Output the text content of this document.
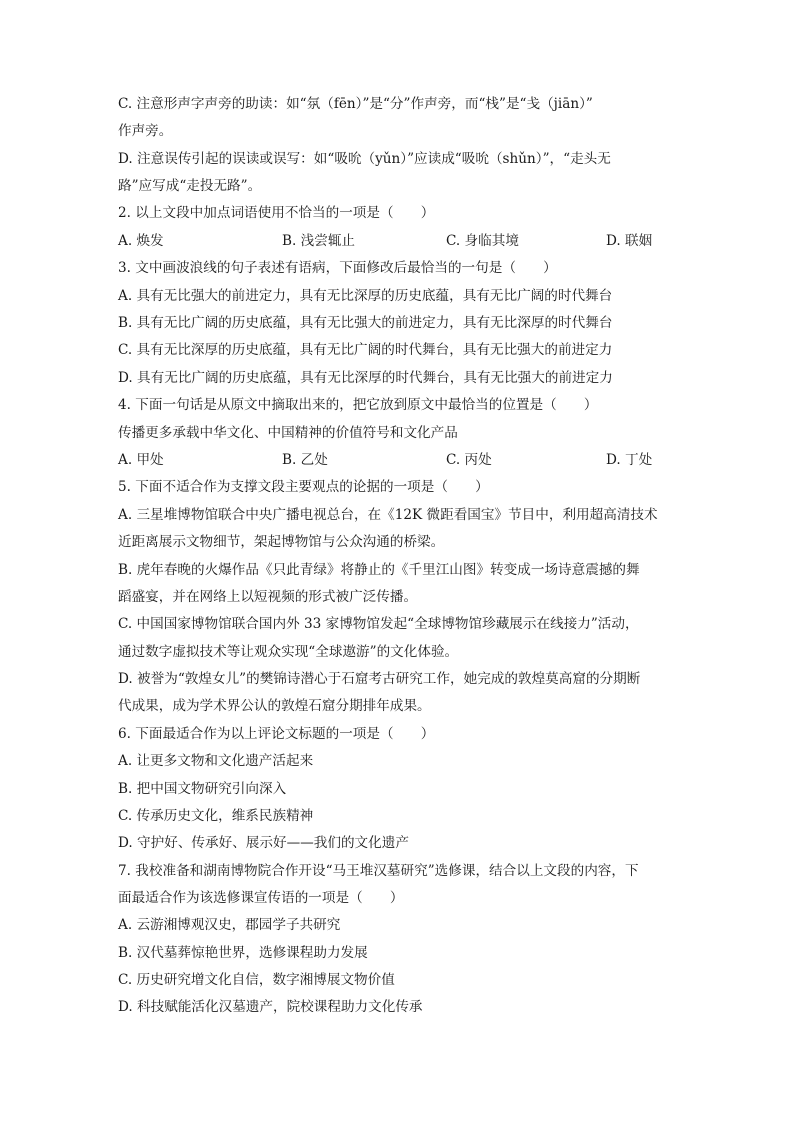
C. 注意形声字声旁的助读：如“氛（fēn）”是“分”作声旁，而“栈”是“戋（jiān）”
作声旁。
D. 注意误传引起的误读或误写：如“吸吮（yǔn）”应读成“吸吮（shǔn）”，“走头无
路”应写成“走投无路”。
2. 以上文段中加点词语使用不恰当的一项是（　　）
A. 焕发	B. 浅尝辄止	C. 身临其境	D. 联姻
3. 文中画波浪线的句子表述有语病，下面修改后最恰当的一句是（　　）
A. 具有无比强大的前进定力，具有无比深厚的历史底蕴，具有无比广阔的时代舞台
B. 具有无比广阔的历史底蕴，具有无比强大的前进定力，具有无比深厚的时代舞台
C. 具有无比深厚的历史底蕴，具有无比广阔的时代舞台，具有无比强大的前进定力
D. 具有无比广阔的历史底蕴，具有无比深厚的时代舞台，具有无比强大的前进定力
4. 下面一句话是从原文中摘取出来的，把它放到原文中最恰当的位置是（　　）
传播更多承载中华文化、中国精神的价值符号和文化产品
A. 甲处	B. 乙处	C. 丙处	D. 丁处
5. 下面不适合作为支撑文段主要观点的论据的一项是（　　）
A. 三星堆博物馆联合中央广播电视总台，在《12K 微距看国宝》节目中，利用超高清技术
近距离展示文物细节，架起博物馆与公众沟通的桥梁。
B. 虎年春晚的火爆作品《只此青绿》将静止的《千里江山图》转变成一场诗意震撼的舞
蹈盛宴，并在网络上以短视频的形式被广泛传播。
C. 中国国家博物馆联合国内外 33 家博物馆发起“全球博物馆珍藏展示在线接力”活动，
通过数字虚拟技术等让观众实现“全球遨游”的文化体验。
D. 被誉为“敦煌女儿”的樊锦诗潜心于石窟考古研究工作，她完成的敦煌莫高窟的分期断
代成果，成为学术界公认的敦煌石窟分期排年成果。
6. 下面最适合作为以上评论文标题的一项是（　　）
A. 让更多文物和文化遗产活起来
B. 把中国文物研究引向深入
C. 传承历史文化，维系民族精神
D. 守护好、传承好、展示好——我们的文化遗产
7. 我校准备和湖南博物院合作开设“马王堆汉墓研究”选修课，结合以上文段的内容，下
面最适合作为该选修课宣传语的一项是（　　）
A. 云游湘博观汉史，郡园学子共研究
B. 汉代墓葬惊艳世界，选修课程助力发展
C. 历史研究增文化自信，数字湘博展文物价值
D. 科技赋能活化汉墓遗产，院校课程助力文化传承
